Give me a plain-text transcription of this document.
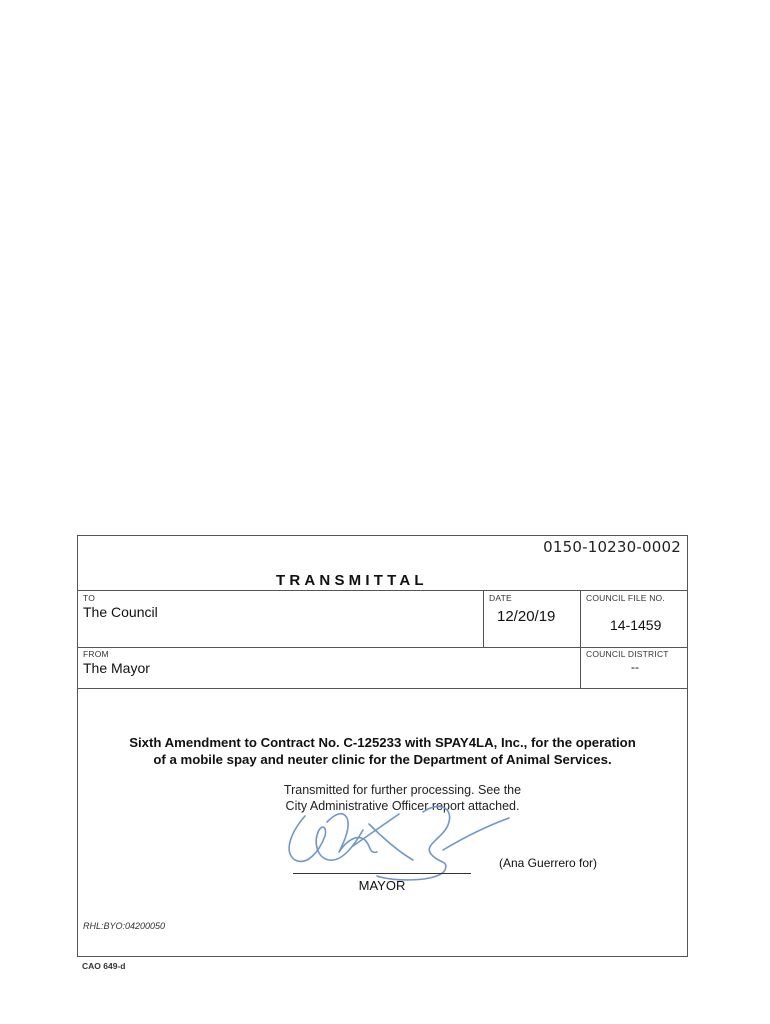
0150-10230-0002
TRANSMITTAL
TO
The Council
DATE
12/20/19
COUNCIL FILE NO.
14-1459
FROM
The Mayor
COUNCIL DISTRICT
--
Sixth Amendment to Contract No. C-125233 with SPAY4LA, Inc., for the operation
of a mobile spay and neuter clinic for the Department of Animal Services.
Transmitted for further processing. See the
City Administrative Officer report attached.
MAYOR
(Ana Guerrero for)
RHL:BYO:04200050
CAO 649-d
